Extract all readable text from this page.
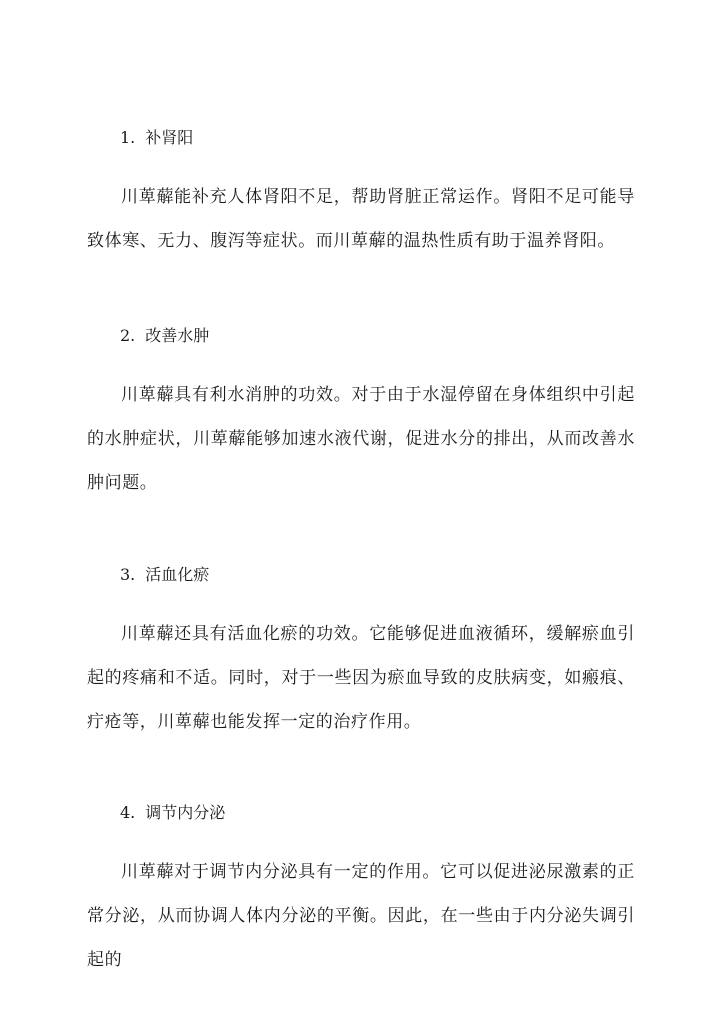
1. 补肾阳

川萆薢能补充人体肾阳不足，帮助肾脏正常运作。肾阳不足可能导致体寒、无力、腹泻等症状。而川萆薢的温热性质有助于温养肾阳。

2. 改善水肿

川萆薢具有利水消肿的功效。对于由于水湿停留在身体组织中引起的水肿症状，川萆薢能够加速水液代谢，促进水分的排出，从而改善水肿问题。

3. 活血化瘀

川萆薢还具有活血化瘀的功效。它能够促进血液循环，缓解瘀血引起的疼痛和不适。同时，对于一些因为瘀血导致的皮肤病变，如瘢痕、疔疮等，川萆薢也能发挥一定的治疗作用。

4. 调节内分泌

川萆薢对于调节内分泌具有一定的作用。它可以促进泌尿激素的正常分泌，从而协调人体内分泌的平衡。因此，在一些由于内分泌失调引起的
